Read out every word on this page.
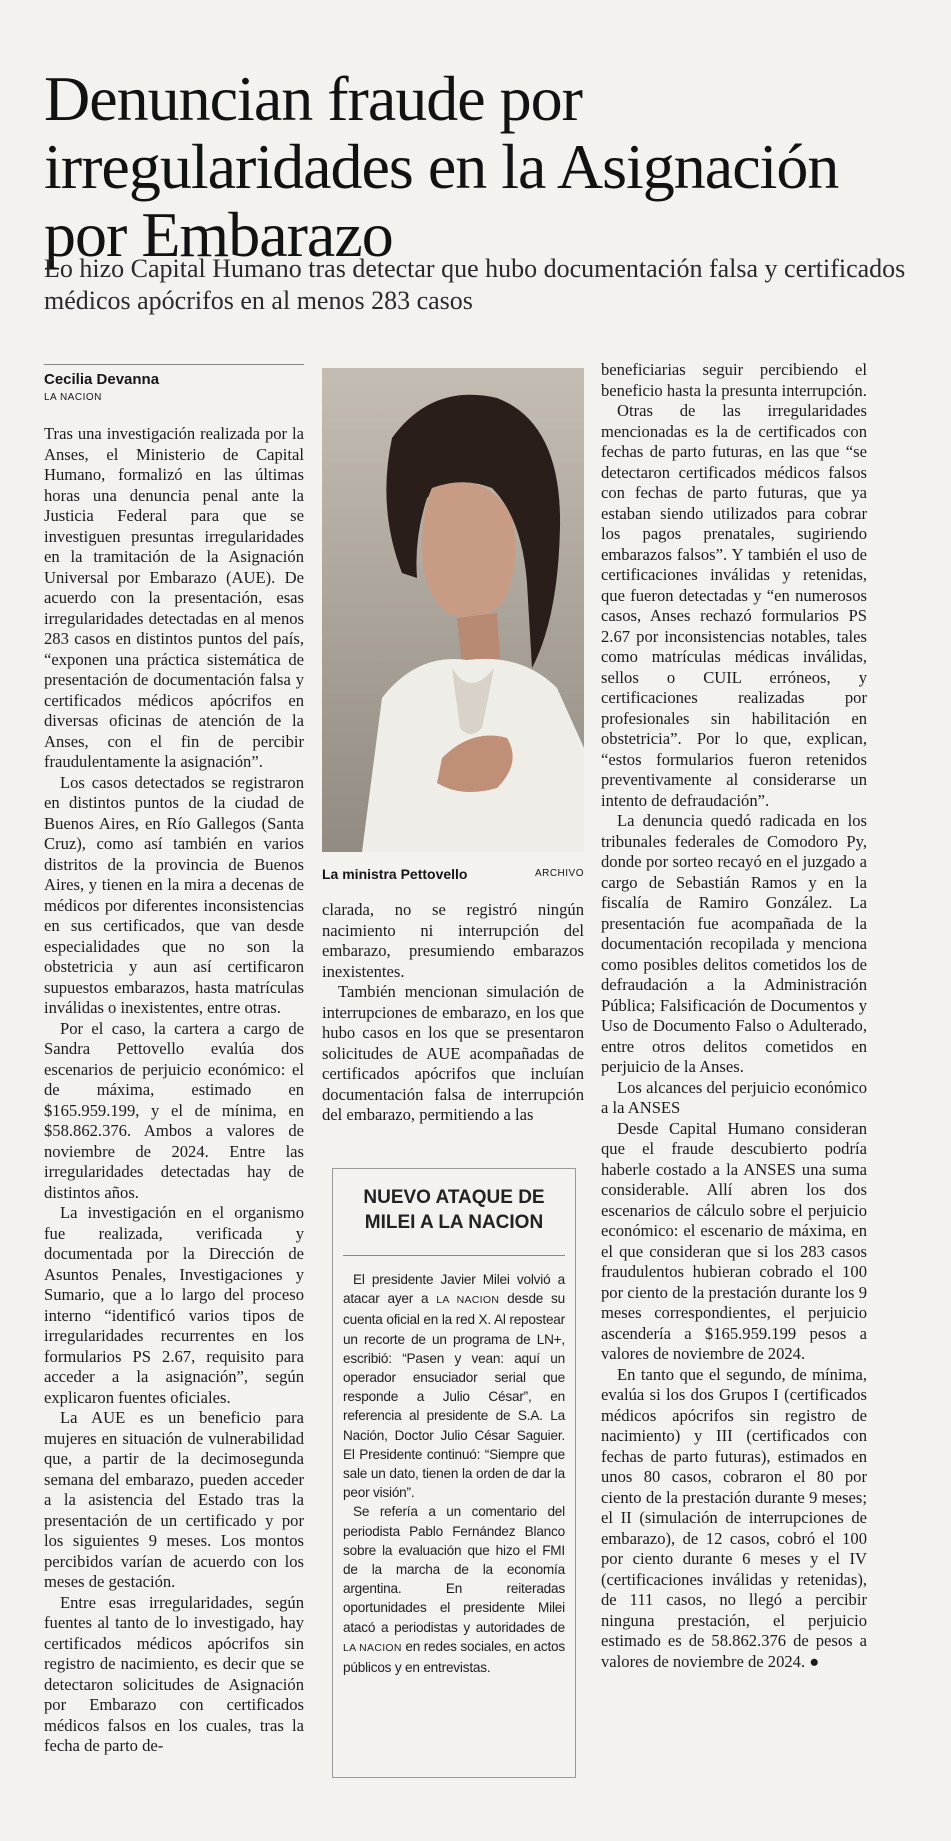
Denuncian fraude por irregularidades en la Asignación por Embarazo
Lo hizo Capital Humano tras detectar que hubo documentación falsa y certificados médicos apócrifos en al menos 283 casos
Cecilia Devanna
LA NACION

Tras una investigación realizada por la Anses, el Ministerio de Capital Humano, formalizó en las últimas horas una denuncia penal ante la Justicia Federal para que se investiguen presuntas irregularidades en la tramitación de la Asignación Universal por Embarazo (AUE). De acuerdo con la presentación, esas irregularidades detectadas en al menos 283 casos en distintos puntos del país, “exponen una práctica sistemática de presentación de documentación falsa y certificados médicos apócrifos en diversas oficinas de atención de la Anses, con el fin de percibir fraudulentamente la asignación”.

Los casos detectados se registraron en distintos puntos de la ciudad de Buenos Aires, en Río Gallegos (Santa Cruz), como así también en varios distritos de la provincia de Buenos Aires, y tienen en la mira a decenas de médicos por diferentes inconsistencias en sus certificados, que van desde especialidades que no son la obstetricia y aun así certificaron supuestos embarazos, hasta matrículas inválidas o inexistentes, entre otras.

Por el caso, la cartera a cargo de Sandra Pettovello evalúa dos escenarios de perjuicio económico: el de máxima, estimado en $165.959.199, y el de mínima, en $58.862.376. Ambos a valores de noviembre de 2024. Entre las irregularidades detectadas hay de distintos años.

La investigación en el organismo fue realizada, verificada y documentada por la Dirección de Asuntos Penales, Investigaciones y Sumario, que a lo largo del proceso interno “identificó varios tipos de irregularidades recurrentes en los formularios PS 2.67, requisito para acceder a la asignación”, según explicaron fuentes oficiales.

La AUE es un beneficio para mujeres en situación de vulnerabilidad que, a partir de la decimosegunda semana del embarazo, pueden acceder a la asistencia del Estado tras la presentación de un certificado y por los siguientes 9 meses. Los montos percibidos varían de acuerdo con los meses de gestación.

Entre esas irregularidades, según fuentes al tanto de lo investigado, hay certificados médicos apócrifos sin registro de nacimiento, es decir que se detectaron solicitudes de Asignación por Embarazo con certificados médicos falsos en los cuales, tras la fecha de parto de-

La ministra Pettovello	ARCHIVO

clarada, no se registró ningún nacimiento ni interrupción del embarazo, presumiendo embarazos inexistentes.

También mencionan simulación de interrupciones de embarazo, en los que hubo casos en los que se presentaron solicitudes de AUE acompañadas de certificados apócrifos que incluían documentación falsa de interrupción del embarazo, permitiendo a las

NUEVO ATAQUE DE MILEI A LA NACION

El presidente Javier Milei volvió a atacar ayer a LA NACION desde su cuenta oficial en la red X. Al repostear un recorte de un programa de LN+, escribió: “Pasen y vean: aquí un operador ensuciador serial que responde a Julio César”, en referencia al presidente de S.A. La Nación, Doctor Julio César Saguier. El Presidente continuó: “Siempre que sale un dato, tienen la orden de dar la peor visión”.

Se refería a un comentario del periodista Pablo Fernández Blanco sobre la evaluación que hizo el FMI de la marcha de la economía argentina. En reiteradas oportunidades el presidente Milei atacó a periodistas y autoridades de LA NACION en redes sociales, en actos públicos y en entrevistas.

beneficiarias seguir percibiendo el beneficio hasta la presunta interrupción.

Otras de las irregularidades mencionadas es la de certificados con fechas de parto futuras, en las que “se detectaron certificados médicos falsos con fechas de parto futuras, que ya estaban siendo utilizados para cobrar los pagos prenatales, sugiriendo embarazos falsos”. Y también el uso de certificaciones inválidas y retenidas, que fueron detectadas y “en numerosos casos, Anses rechazó formularios PS 2.67 por inconsistencias notables, tales como matrículas médicas inválidas, sellos o CUIL erróneos, y certificaciones realizadas por profesionales sin habilitación en obstetricia”. Por lo que, explican, “estos formularios fueron retenidos preventivamente al considerarse un intento de defraudación”.

La denuncia quedó radicada en los tribunales federales de Comodoro Py, donde por sorteo recayó en el juzgado a cargo de Sebastián Ramos y en la fiscalía de Ramiro González. La presentación fue acompañada de la documentación recopilada y menciona como posibles delitos cometidos los de defraudación a la Administración Pública; Falsificación de Documentos y Uso de Documento Falso o Adulterado, entre otros delitos cometidos en perjuicio de la Anses.

Los alcances del perjuicio económico a la ANSES

Desde Capital Humano consideran que el fraude descubierto podría haberle costado a la ANSES una suma considerable. Allí abren los dos escenarios de cálculo sobre el perjuicio económico: el escenario de máxima, en el que consideran que si los 283 casos fraudulentos hubieran cobrado el 100 por ciento de la prestación durante los 9 meses correspondientes, el perjuicio ascendería a $165.959.199 pesos a valores de noviembre de 2024.

En tanto que el segundo, de mínima, evalúa si los dos Grupos I (certificados médicos apócrifos sin registro de nacimiento) y III (certificados con fechas de parto futuras), estimados en unos 80 casos, cobraron el 80 por ciento de la prestación durante 9 meses; el II (simulación de interrupciones de embarazo), de 12 casos, cobró el 100 por ciento durante 6 meses y el IV (certificaciones inválidas y retenidas), de 111 casos, no llegó a percibir ninguna prestación, el perjuicio estimado es de 58.862.376 de pesos a valores de noviembre de 2024. ●
